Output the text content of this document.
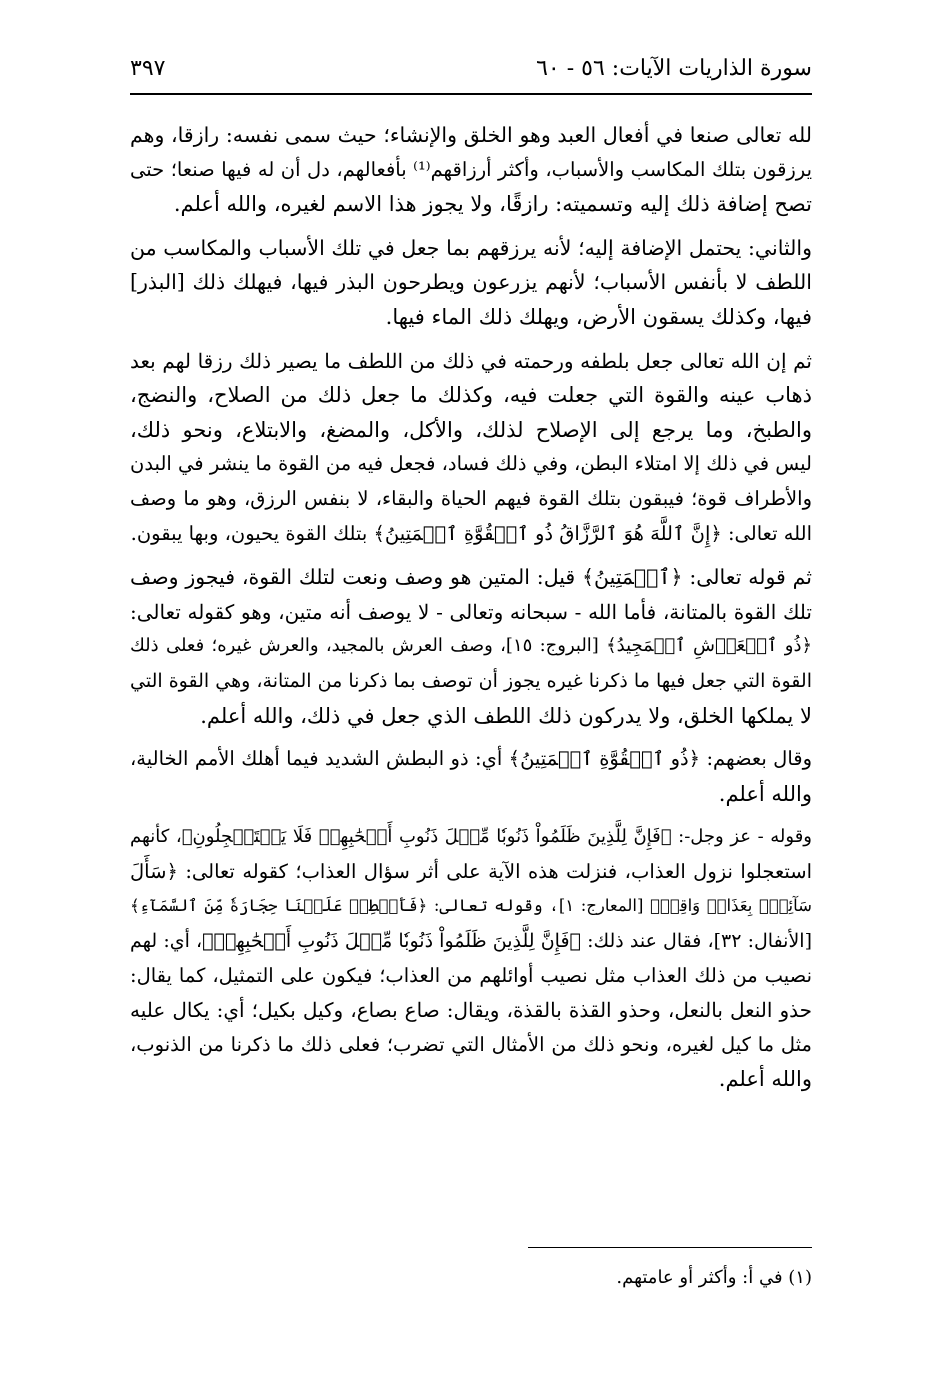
سورة الذاريات الآيات: ٥٦ - ٦٠
٣٩٧

لله تعالى صنعا في أفعال العبد وهو الخلق والإنشاء؛ حيث سمى نفسه: رازقا، وهم
يرزقون بتلك المكاسب والأسباب، وأكثر أرزاقهم⁽¹⁾ بأفعالهم، دل أن له فيها صنعا؛ حتى
تصح إضافة ذلك إليه وتسميته: رازقًا، ولا يجوز هذا الاسم لغيره، والله أعلم.

والثاني: يحتمل الإضافة إليه؛ لأنه يرزقهم بما جعل في تلك الأسباب والمكاسب من
اللطف لا بأنفس الأسباب؛ لأنهم يزرعون ويطرحون البذر فيها، فيهلك ذلك [البذر]
فيها، وكذلك يسقون الأرض، ويهلك ذلك الماء فيها.

ثم إن الله تعالى جعل بلطفه ورحمته في ذلك من اللطف ما يصير ذلك رزقا لهم بعد
ذهاب عينه والقوة التي جعلت فيه، وكذلك ما جعل ذلك من الصلاح، والنضج،
والطبخ، وما يرجع إلى الإصلاح لذلك، والأكل، والمضغ، والابتلاع، ونحو ذلك،
ليس في ذلك إلا امتلاء البطن، وفي ذلك فساد، فجعل فيه من القوة ما ينشر في البدن
والأطراف قوة؛ فيبقون بتلك القوة فيهم الحياة والبقاء، لا بنفس الرزق، وهو ما وصف
الله تعالى: ﴿إِنَّ ٱللَّهَ هُوَ ٱلرَّزَّاقُ ذُو ٱلۡقُوَّةِ ٱلۡمَتِينُ﴾ بتلك القوة يحيون، وبها يبقون.

ثم قوله تعالى: ﴿ٱلۡمَتِينُ﴾ قيل: المتين هو وصف ونعت لتلك القوة، فيجوز وصف
تلك القوة بالمتانة، فأما الله - سبحانه وتعالى - لا يوصف أنه متين، وهو كقوله تعالى:
﴿ذُو ٱلۡعَرۡشِ ٱلۡمَجِيدُ﴾ [البروج: ١٥]، وصف العرش بالمجيد، والعرش غيره؛ فعلى ذلك
القوة التي جعل فيها ما ذكرنا غيره يجوز أن توصف بما ذكرنا من المتانة، وهي القوة التي
لا يملكها الخلق، ولا يدركون ذلك اللطف الذي جعل في ذلك، والله أعلم.

وقال بعضهم: ﴿ذُو ٱلۡقُوَّةِ ٱلۡمَتِينُ﴾ أي: ذو البطش الشديد فيما أهلك الأمم الخالية،
والله أعلم.

وقوله - عز وجل-: ﴿فَإِنَّ لِلَّذِينَ ظَلَمُواْ ذَنُوبٗا مِّثۡلَ ذَنُوبِ أَصۡحَٰبِهِمۡ فَلَا يَسۡتَعۡجِلُونِ﴾، كأنهم
استعجلوا نزول العذاب، فنزلت هذه الآية على أثر سؤال العذاب؛ كقوله تعالى: ﴿سَأَلَ
سَآئِلُۢ بِعَذَابٖ وَاقِعٖ﴾ [المعارج: ١]، وقوله تعالى: ﴿فَأَمۡطِرۡ عَلَيۡنَا حِجَارَةٗ مِّنَ ٱلسَّمَآءِ﴾
[الأنفال: ٣٢]، فقال عند ذلك: ﴿فَإِنَّ لِلَّذِينَ ظَلَمُواْ ذَنُوبٗا مِّثۡلَ ذَنُوبِ أَصۡحَٰبِهِمۡ﴾، أي: لهم
نصيب من ذلك العذاب مثل نصيب أوائلهم من العذاب؛ فيكون على التمثيل، كما يقال:
حذو النعل بالنعل، وحذو القذة بالقذة، ويقال: صاع بصاع، وكيل بكيل؛ أي: يكال عليه
مثل ما كيل لغيره، ونحو ذلك من الأمثال التي تضرب؛ فعلى ذلك ما ذكرنا من الذنوب،
والله أعلم.

(١) في أ: وأكثر أو عامتهم.
